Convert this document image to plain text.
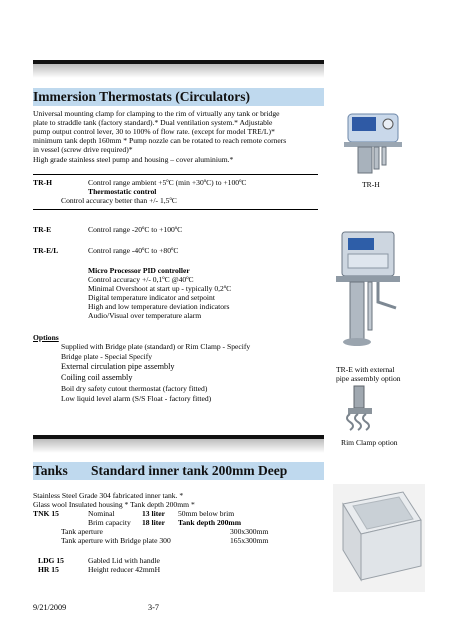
Immersion Thermostats (Circulators)
Universal mounting clamp for clamping to the rim of virtually any tank or bridge
plate to straddle tank (factory standard).* Dual ventilation system.* Adjustable
pump output control lever, 30 to 100% of flow rate. (except for model TRE/L)*
minimum tank depth 160mm * Pump nozzle can be rotated to reach remote corners
in vessel (screw drive required)*
High grade stainless steel pump and housing – cover aluminium.*
TR-H	Control range ambient +5ºC (min +30ºC) to +100ºC
Thermostatic control
Control accuracy better than +/- 1,5ºC
TR-E	Control range -20ºC to +100ºC
TR-E/L	Control range -40ºC to +80ºC
Micro Processor PID controller
Control accuracy +/- 0,1ºC @40ºC
Minimal Overshoot at start up - typically 0,2ºC
Digital temperature indicator and setpoint
High and low temperature deviation indicators
Audio/Visual over temperature alarm
Options
Supplied with Bridge plate (standard) or Rim Clamp - Specify
Bridge plate - Special Specify
External circulation pipe assembly
Coiling coil assembly
Boil dry safety cutout thermostat (factory fitted)
Low liquid level alarm (S/S Float - factory fitted)
TR-H
TR-E with external
pipe assembly option
Rim Clamp option
Tanks Standard inner tank 200mm Deep
Stainless Steel Grade 304 fabricated inner tank. *
Glass wool Insulated housing * Tank depth 200mm *
TNK 15	Nominal	13 liter 50mm below brim
Brim capacity 18 liter Tank depth 200mm
Tank aperture	300x300mm
Tank aperture with Bridge plate 300	165x300mm
LDG 15	Gabled Lid with handle
HR 15	Height reducer 42mmH
9/21/2009	3-7
